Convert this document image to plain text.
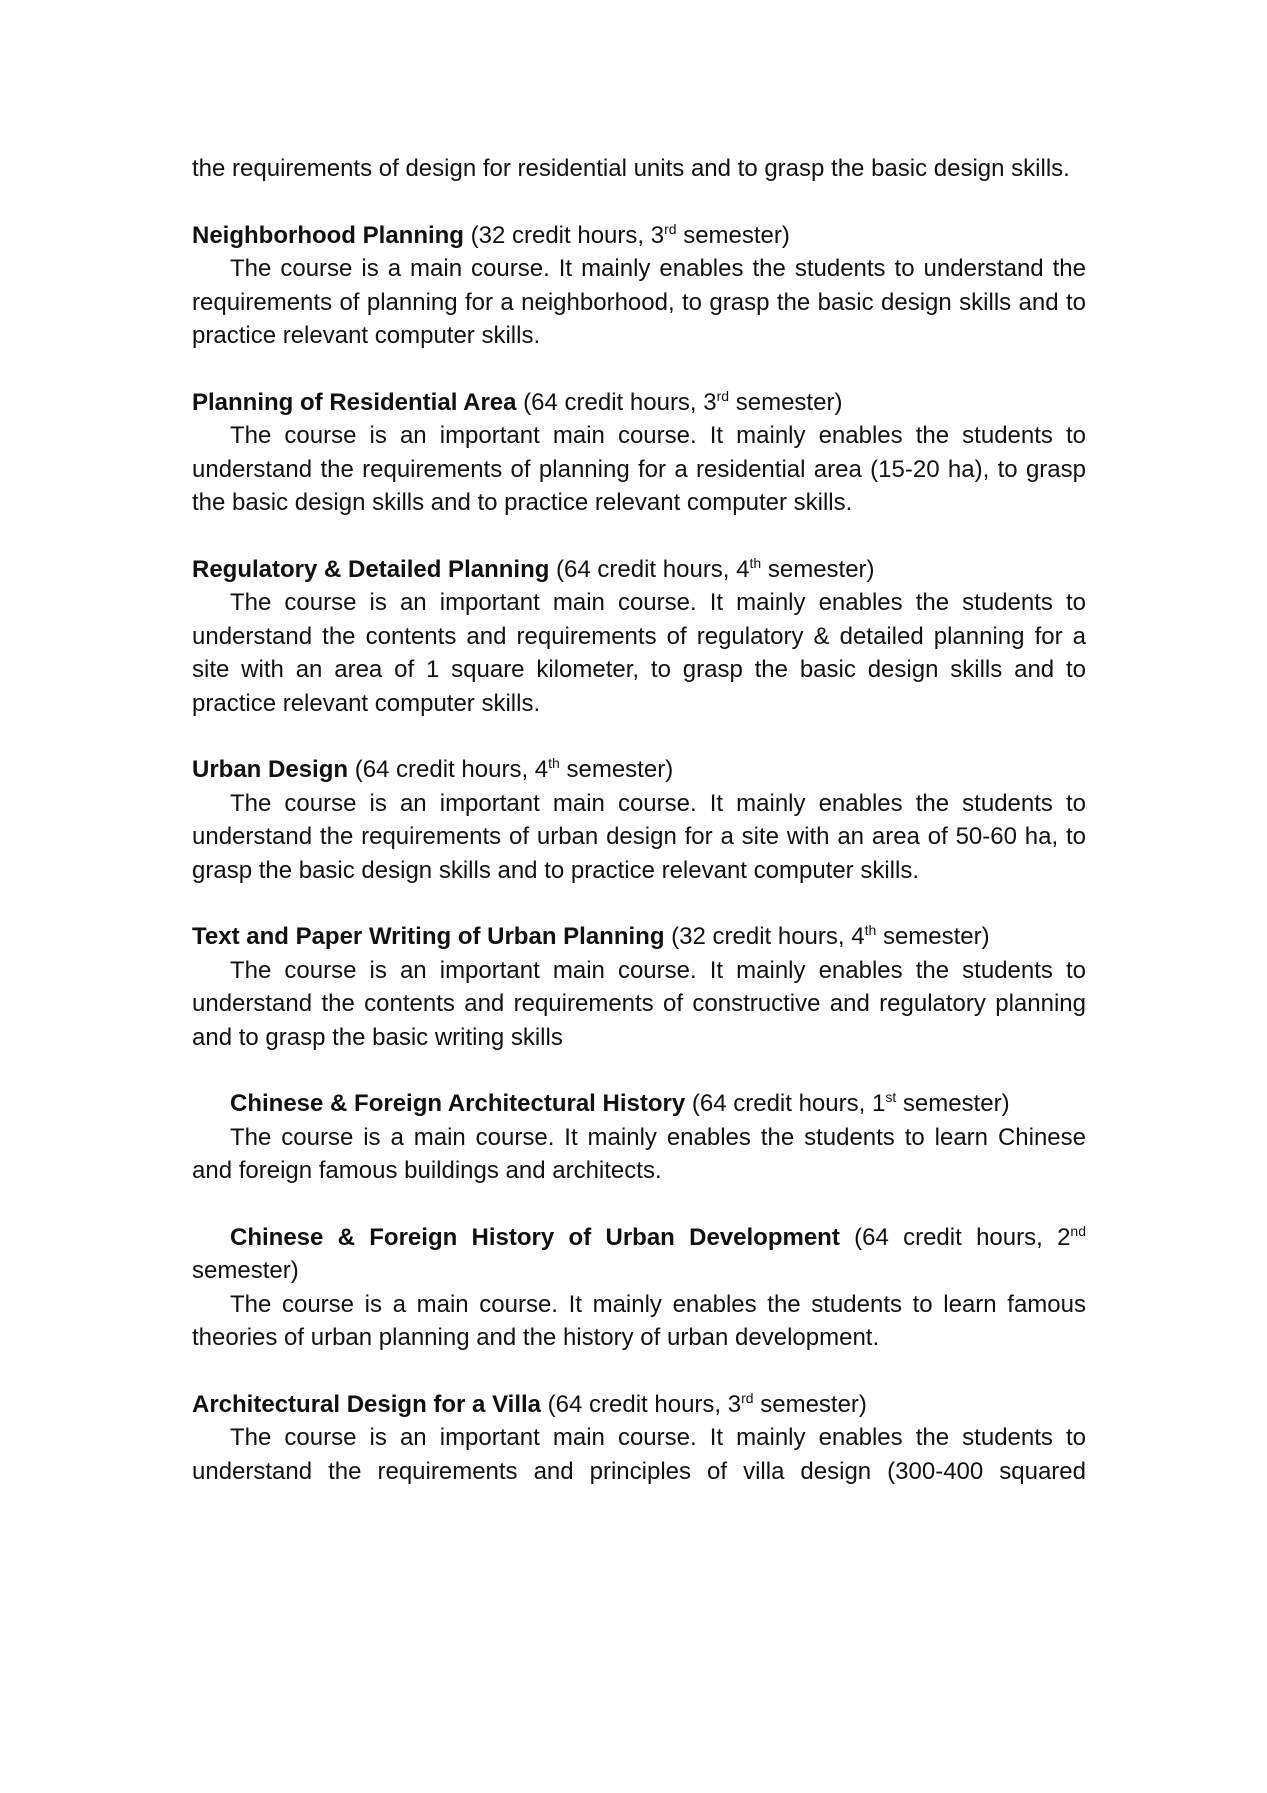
the requirements of design for residential units and to grasp the basic design skills.

Neighborhood Planning (32 credit hours, 3rd semester)

The course is a main course. It mainly enables the students to understand the requirements of planning for a neighborhood, to grasp the basic design skills and to practice relevant computer skills.

Planning of Residential Area (64 credit hours, 3rd semester)

The course is an important main course. It mainly enables the students to understand the requirements of planning for a residential area (15-20 ha), to grasp the basic design skills and to practice relevant computer skills.

Regulatory & Detailed Planning (64 credit hours, 4th semester)

The course is an important main course. It mainly enables the students to understand the contents and requirements of regulatory & detailed planning for a site with an area of 1 square kilometer, to grasp the basic design skills and to practice relevant computer skills.

Urban Design (64 credit hours, 4th semester)

The course is an important main course. It mainly enables the students to understand the requirements of urban design for a site with an area of 50-60 ha, to grasp the basic design skills and to practice relevant computer skills.

Text and Paper Writing of Urban Planning (32 credit hours, 4th semester)

The course is an important main course. It mainly enables the students to understand the contents and requirements of constructive and regulatory planning and to grasp the basic writing skills

Chinese & Foreign Architectural History (64 credit hours, 1st semester)

The course is a main course. It mainly enables the students to learn Chinese and foreign famous buildings and architects.

Chinese & Foreign History of Urban Development (64 credit hours, 2nd semester)

The course is a main course. It mainly enables the students to learn famous theories of urban planning and the history of urban development.

Architectural Design for a Villa (64 credit hours, 3rd semester)

The course is an important main course. It mainly enables the students to understand the requirements and principles of villa design (300-400 squared
